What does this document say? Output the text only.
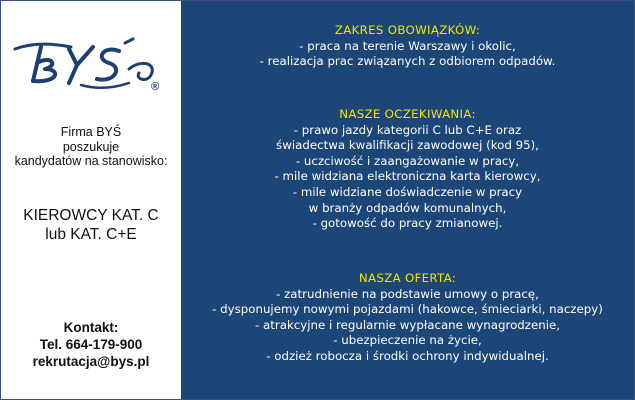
®
Firma BYŚ
poszukuje
kandydatów na stanowisko:
KIEROWCY KAT. C
lub KAT. C+E
Kontakt:
Tel. 664-179-900
rekrutacja@bys.pl
ZAKRES OBOWIĄZKÓW:
- praca na terenie Warszawy i okolic,
- realizacja prac związanych z odbiorem odpadów.
NASZE OCZEKIWANIA:
- prawo jazdy kategorii C lub C+E oraz
świadectwa kwalifikacji zawodowej (kod 95),
- uczciwość i zaangażowanie w pracy,
- mile widziana elektroniczna karta kierowcy,
- mile widziane doświadczenie w pracy
w branży odpadów komunalnych,
- gotowość do pracy zmianowej.
NASZA OFERTA:
- zatrudnienie na podstawie umowy o pracę,
- dysponujemy nowymi pojazdami (hakowce, śmieciarki, naczepy)
- atrakcyjne i regularnie wypłacane wynagrodzenie,
- ubezpieczenie na życie,
- odzież robocza i środki ochrony indywidualnej.
